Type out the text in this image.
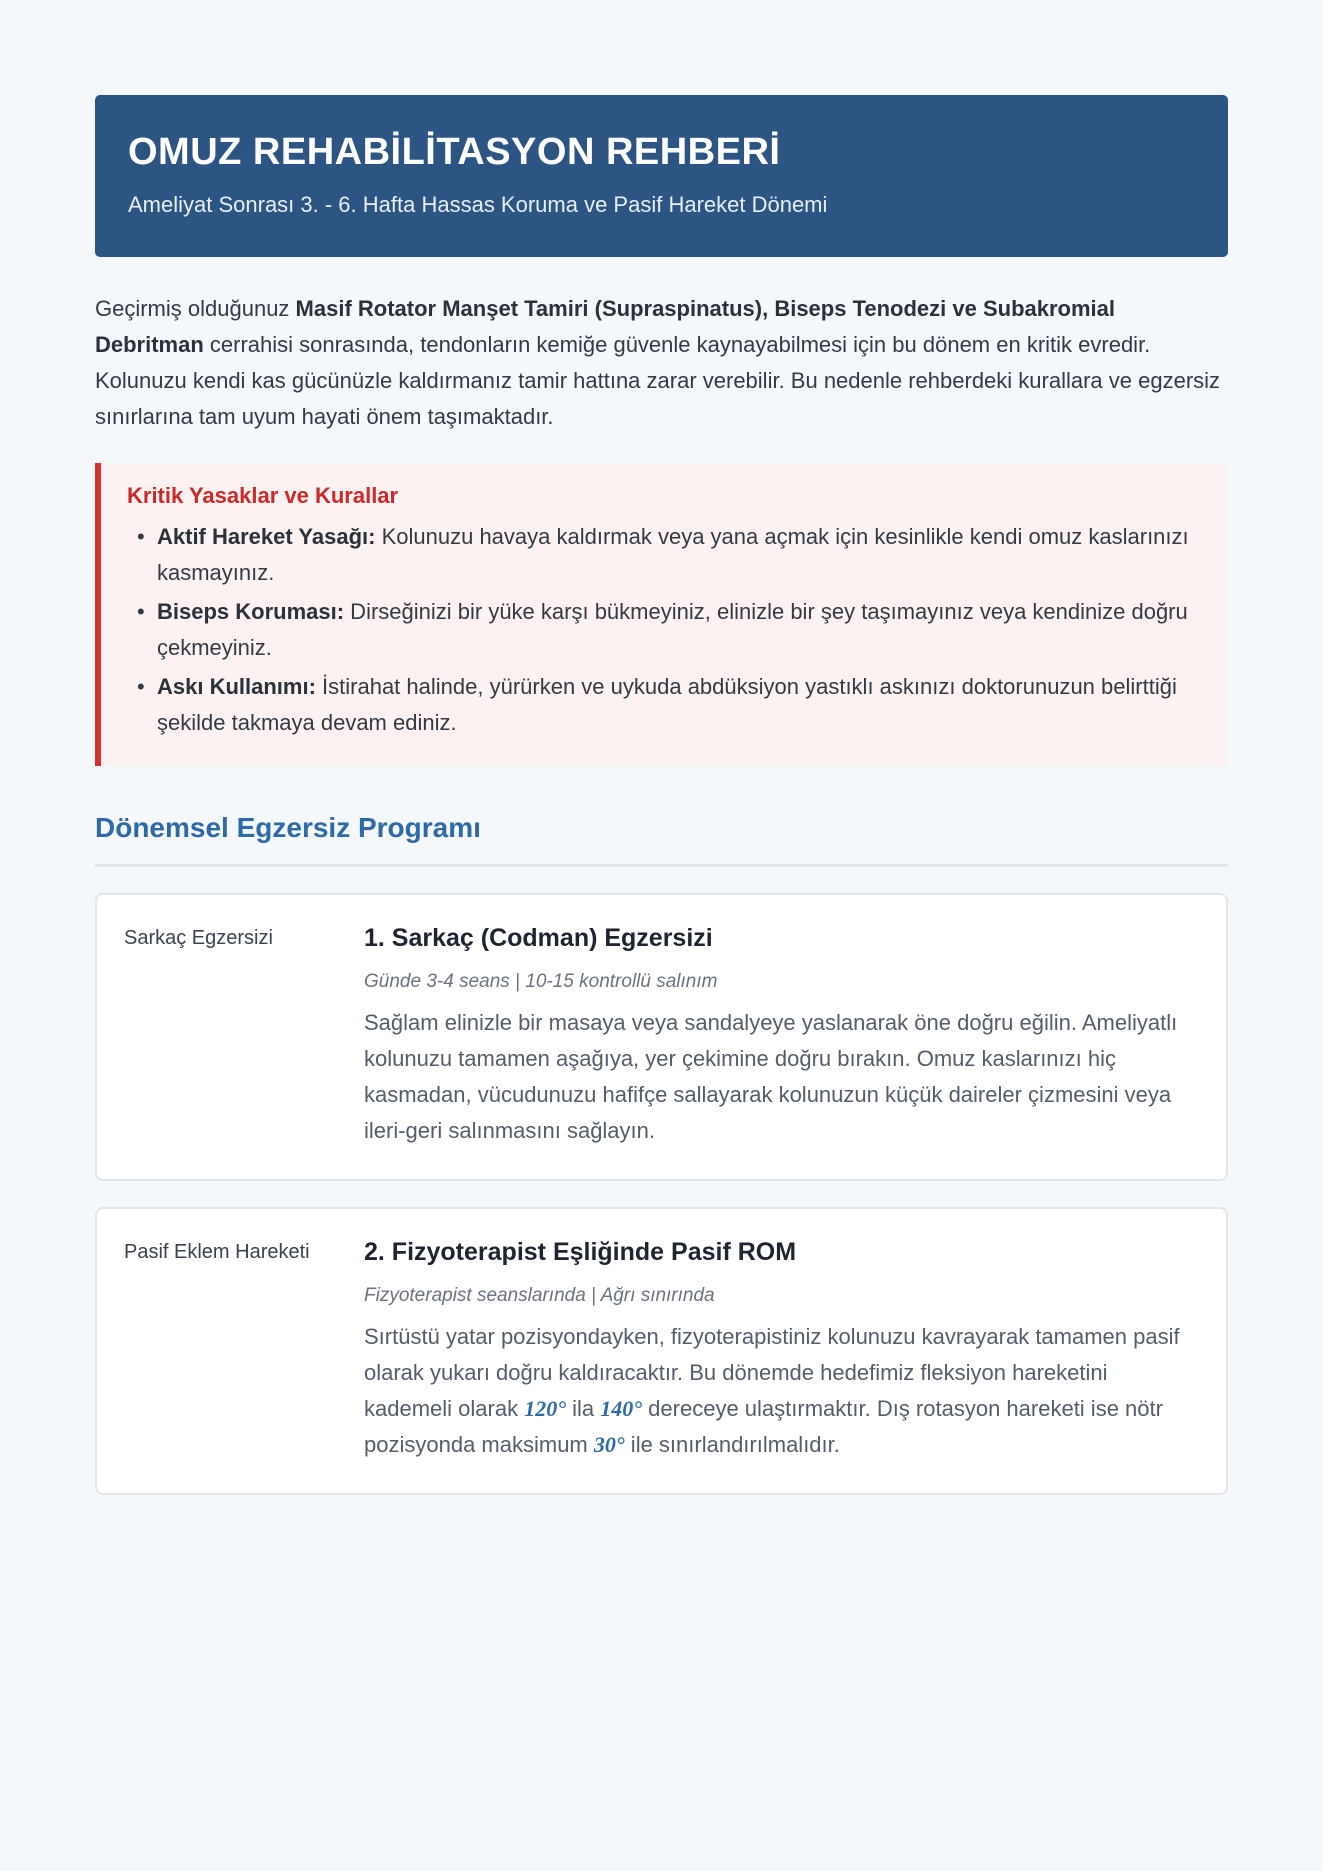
OMUZ REHABİLİTASYON REHBERİ
Ameliyat Sonrası 3. - 6. Hafta Hassas Koruma ve Pasif Hareket Dönemi

Geçirmiş olduğunuz Masif Rotator Manşet Tamiri (Supraspinatus), Biseps Tenodezi ve Subakromial Debritman cerrahisi sonrasında, tendonların kemiğe güvenle kaynayabilmesi için bu dönem en kritik evredir. Kolunuzu kendi kas gücünüzle kaldırmanız tamir hattına zarar verebilir. Bu nedenle rehberdeki kurallara ve egzersiz sınırlarına tam uyum hayati önem taşımaktadır.

Kritik Yasaklar ve Kurallar
• Aktif Hareket Yasağı: Kolunuzu havaya kaldırmak veya yana açmak için kesinlikle kendi omuz kaslarınızı kasmayınız.
• Biseps Koruması: Dirseğinizi bir yüke karşı bükmeyiniz, elinizle bir şey taşımayınız veya kendinize doğru çekmeyiniz.
• Askı Kullanımı: İstirahat halinde, yürürken ve uykuda abdüksiyon yastıklı askınızı doktorunuzun belirttiği şekilde takmaya devam ediniz.
Dönemsel Egzersiz Programı
Sarkaç Egzersizi	1. Sarkaç (Codman) Egzersizi
Günde 3-4 seans | 10-15 kontrollü salınım
Sağlam elinizle bir masaya veya sandalyeye yaslanarak öne doğru eğilin. Ameliyatlı kolunuzu tamamen aşağıya, yer çekimine doğru bırakın. Omuz kaslarınızı hiç kasmadan, vücudunuzu hafifçe sallayarak kolunuzun küçük daireler çizmesini veya ileri-geri salınmasını sağlayın.
Pasif Eklem Hareketi	2. Fizyoterapist Eşliğinde Pasif ROM
Fizyoterapist seanslarında | Ağrı sınırında
Sırtüstü yatar pozisyondayken, fizyoterapistiniz kolunuzu kavrayarak tamamen pasif olarak yukarı doğru kaldıracaktır. Bu dönemde hedefimiz fleksiyon hareketini kademeli olarak 120° ila 140° dereceye ulaştırmaktır. Dış rotasyon hareketi ise nötr pozisyonda maksimum 30° ile sınırlandırılmalıdır.
